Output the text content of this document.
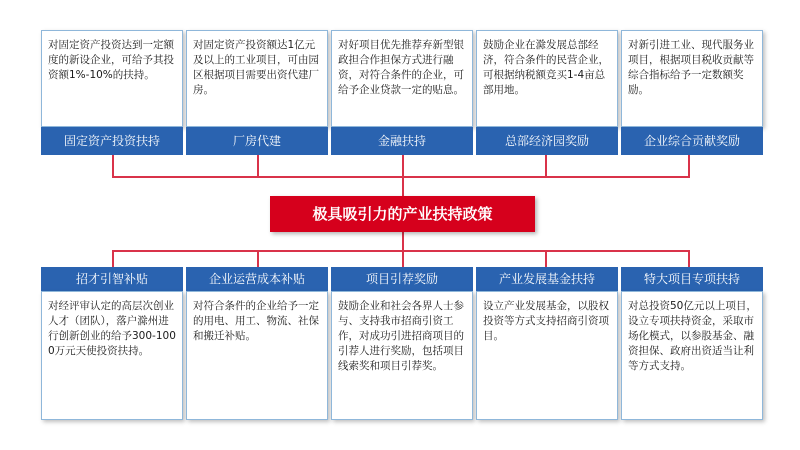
对固定资产投资达到一定额度的新设企业，可给予其投资额1%-10%的扶持。
固定资产投资扶持
对固定资产投资额达1亿元及以上的工业项目，可由园区根据项目需要出资代建厂房。
厂房代建
对好项目优先推荐弃新型银政担合作担保方式进行融资，对符合条件的企业，可给予企业贷款一定的贴息。
金融扶持
鼓励企业在滁发展总部经济，符合条件的民营企业，可根据纳税额竞买1-4亩总部用地。
总部经济园奖励
对新引进工业、现代服务业项目，根据项目税收贡献等综合指标给予一定数额奖励。
企业综合贡献奖励
极具吸引力的产业扶持政策
招才引智补贴
对经评审认定的高层次创业人才（团队），落户滁州进行创新创业的给予300-1000万元天使投资扶持。
企业运营成本补贴
对符合条件的企业给予一定的用电、用工、物流、社保和搬迁补贴。
项目引荐奖励
鼓励企业和社会各界人士参与、支持我市招商引资工作，对成功引进招商项目的引荐人进行奖励，包括项目线索奖和项目引荐奖。
产业发展基金扶持
设立产业发展基金，以股权投资等方式支持招商引资项目。
特大项目专项扶持
对总投资50亿元以上项目，设立专项扶持资金，采取市场化模式，以参股基金、融资担保、政府出资适当让利等方式支持。
